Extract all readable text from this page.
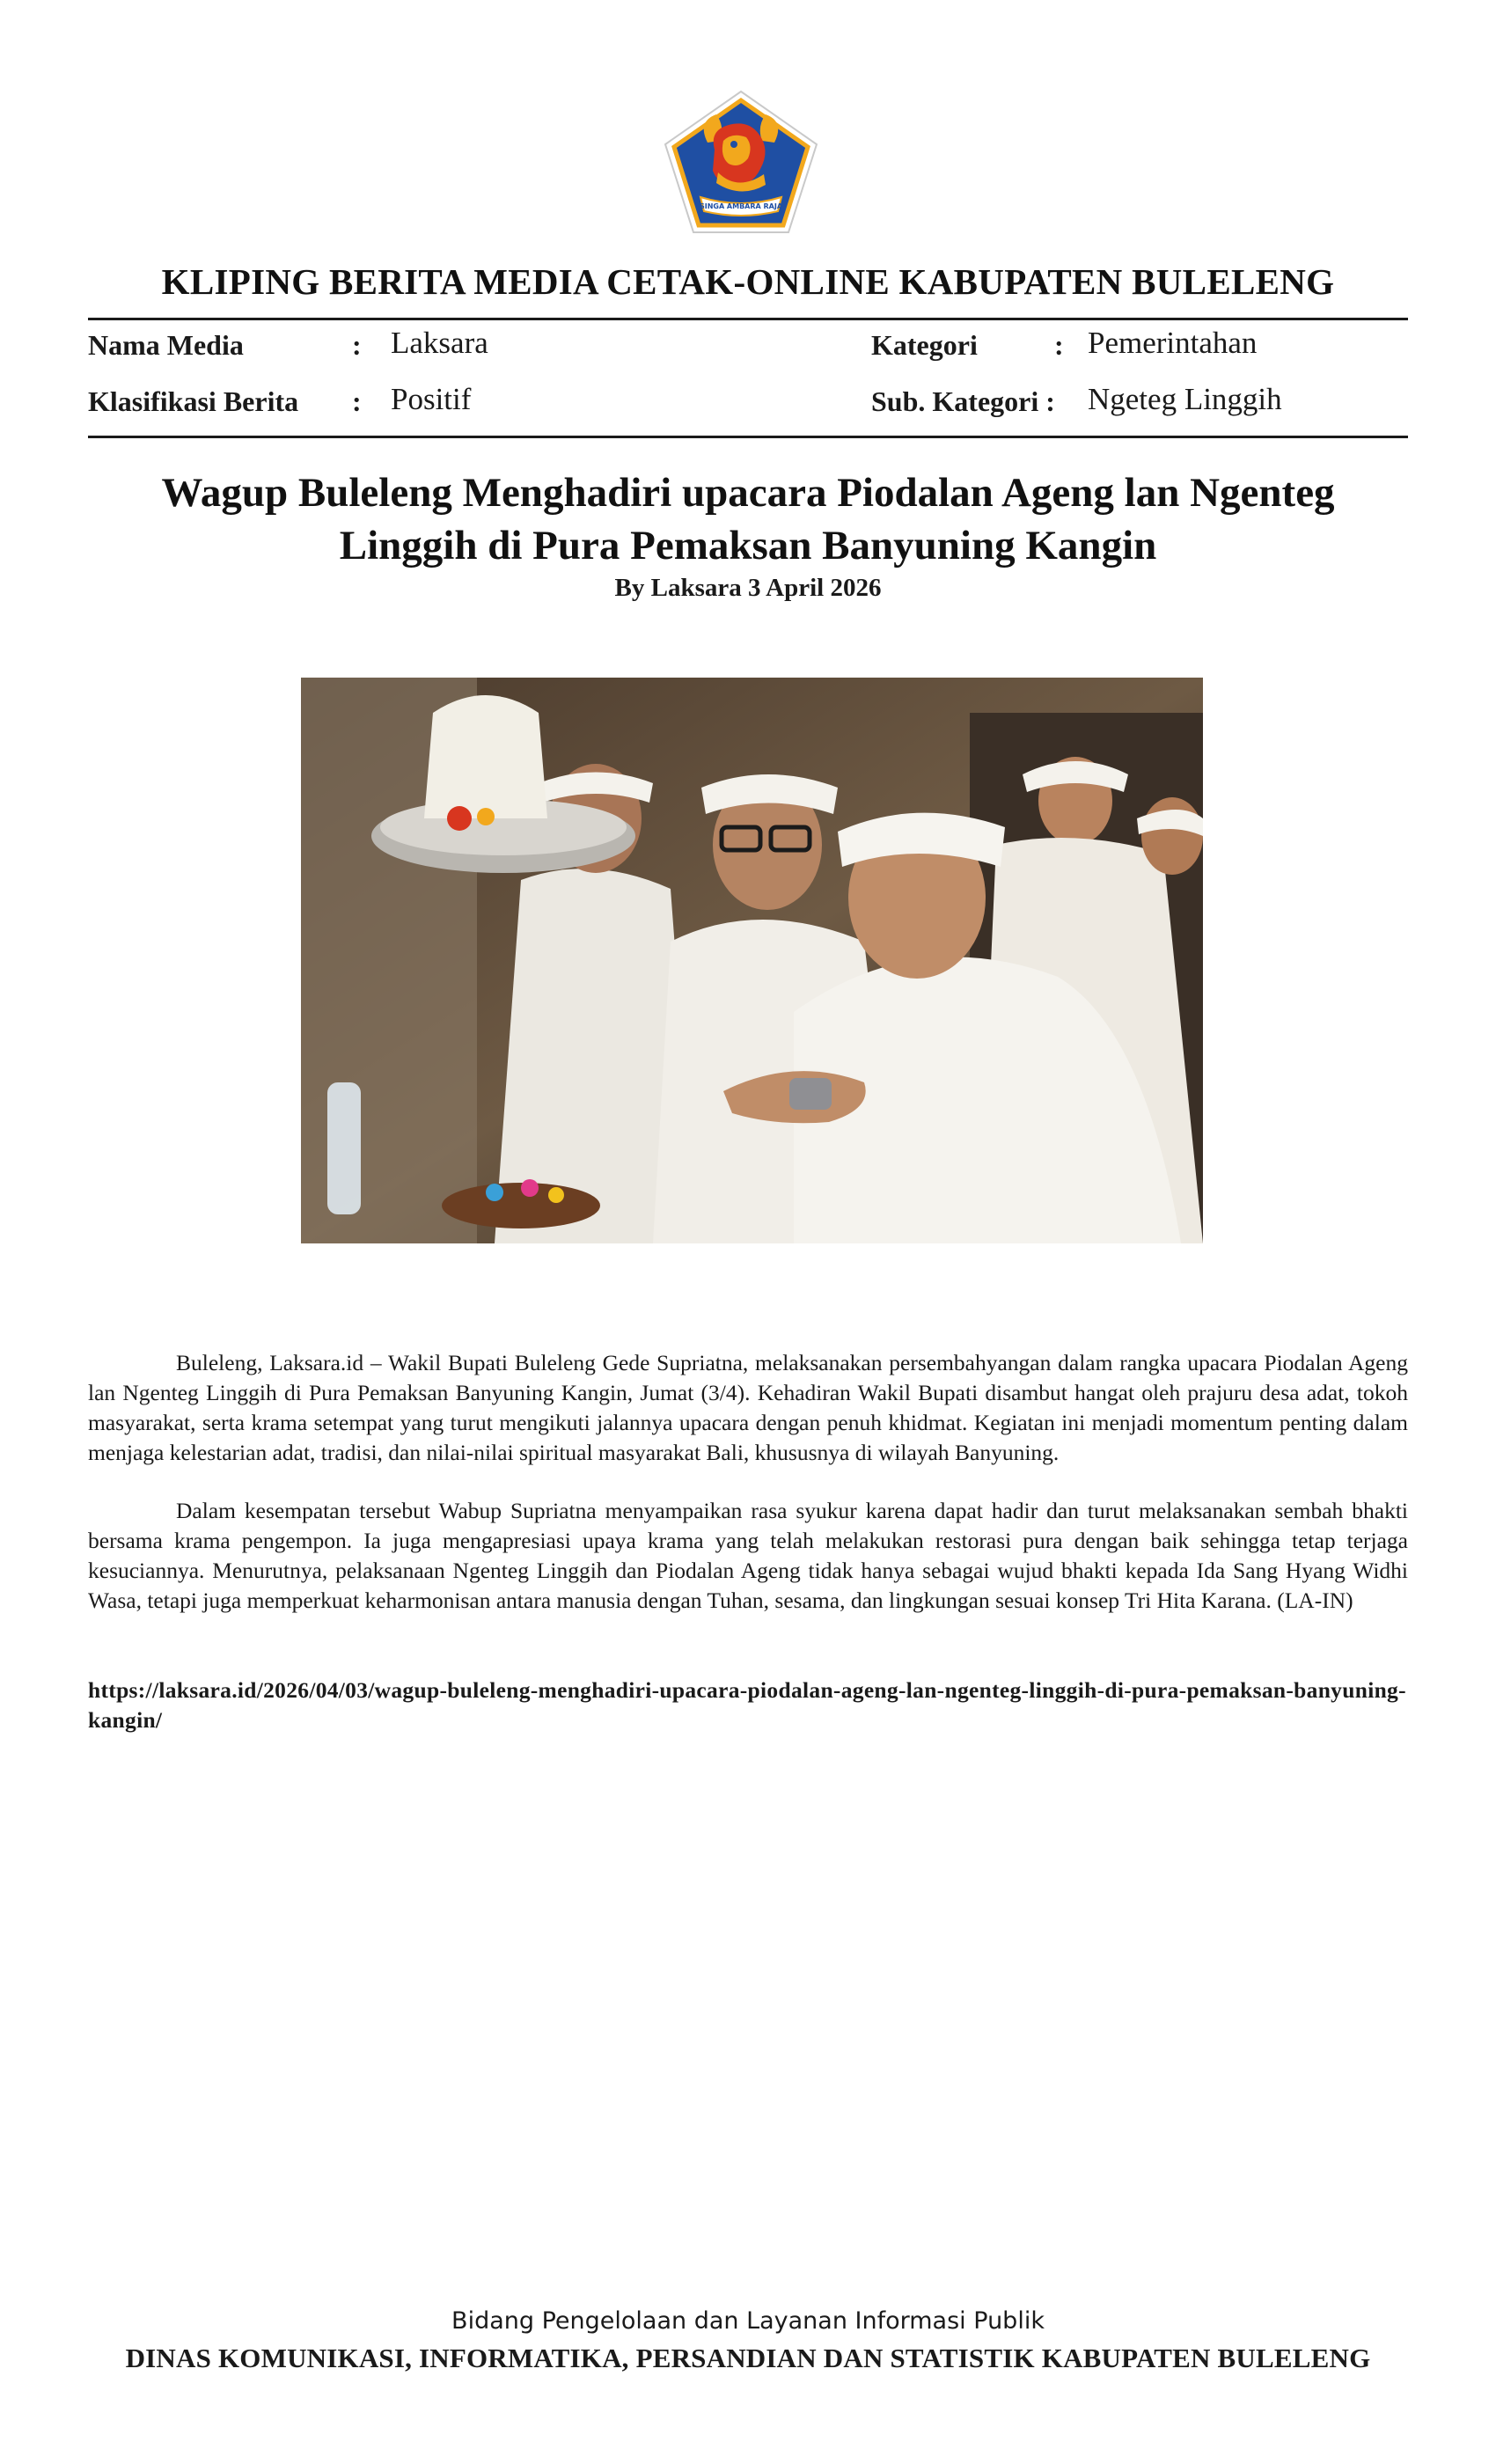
SINGA AMBARA RAJA
KLIPING BERITA MEDIA CETAK-ONLINE KABUPATEN BULELENG
Nama Media	: Laksara	Kategori	: Pemerintahan
Klasifikasi Berita : Positif	Sub. Kategori : Ngeteg Linggih
Wagup Buleleng Menghadiri upacara Piodalan Ageng lan Ngenteg Linggih di Pura Pemaksan Banyuning Kangin
By Laksara 3 April 2026

Buleleng, Laksara.id – Wakil Bupati Buleleng Gede Supriatna, melaksanakan persembahyangan dalam rangka upacara Piodalan Ageng lan Ngenteg Linggih di Pura Pemaksan Banyuning Kangin, Jumat (3/4). Kehadiran Wakil Bupati disambut hangat oleh prajuru desa adat, tokoh masyarakat, serta krama setempat yang turut mengikuti jalannya upacara dengan penuh khidmat. Kegiatan ini menjadi momentum penting dalam menjaga kelestarian adat, tradisi, dan nilai-nilai spiritual masyarakat Bali, khususnya di wilayah Banyuning.

Dalam kesempatan tersebut Wabup Supriatna menyampaikan rasa syukur karena dapat hadir dan turut melaksanakan sembah bhakti bersama krama pengempon. Ia juga mengapresiasi upaya krama yang telah melakukan restorasi pura dengan baik sehingga tetap terjaga kesuciannya. Menurutnya, pelaksanaan Ngenteg Linggih dan Piodalan Ageng tidak hanya sebagai wujud bhakti kepada Ida Sang Hyang Widhi Wasa, tetapi juga memperkuat keharmonisan antara manusia dengan Tuhan, sesama, dan lingkungan sesuai konsep Tri Hita Karana. (LA-IN)

https://laksara.id/2026/04/03/wagup-buleleng-menghadiri-upacara-piodalan-ageng-lan-ngenteg-linggih-di-pura-pemaksan-banyuning-kangin/
Bidang Pengelolaan dan Layanan Informasi Publik
DINAS KOMUNIKASI, INFORMATIKA, PERSANDIAN DAN STATISTIK KABUPATEN BULELENG
